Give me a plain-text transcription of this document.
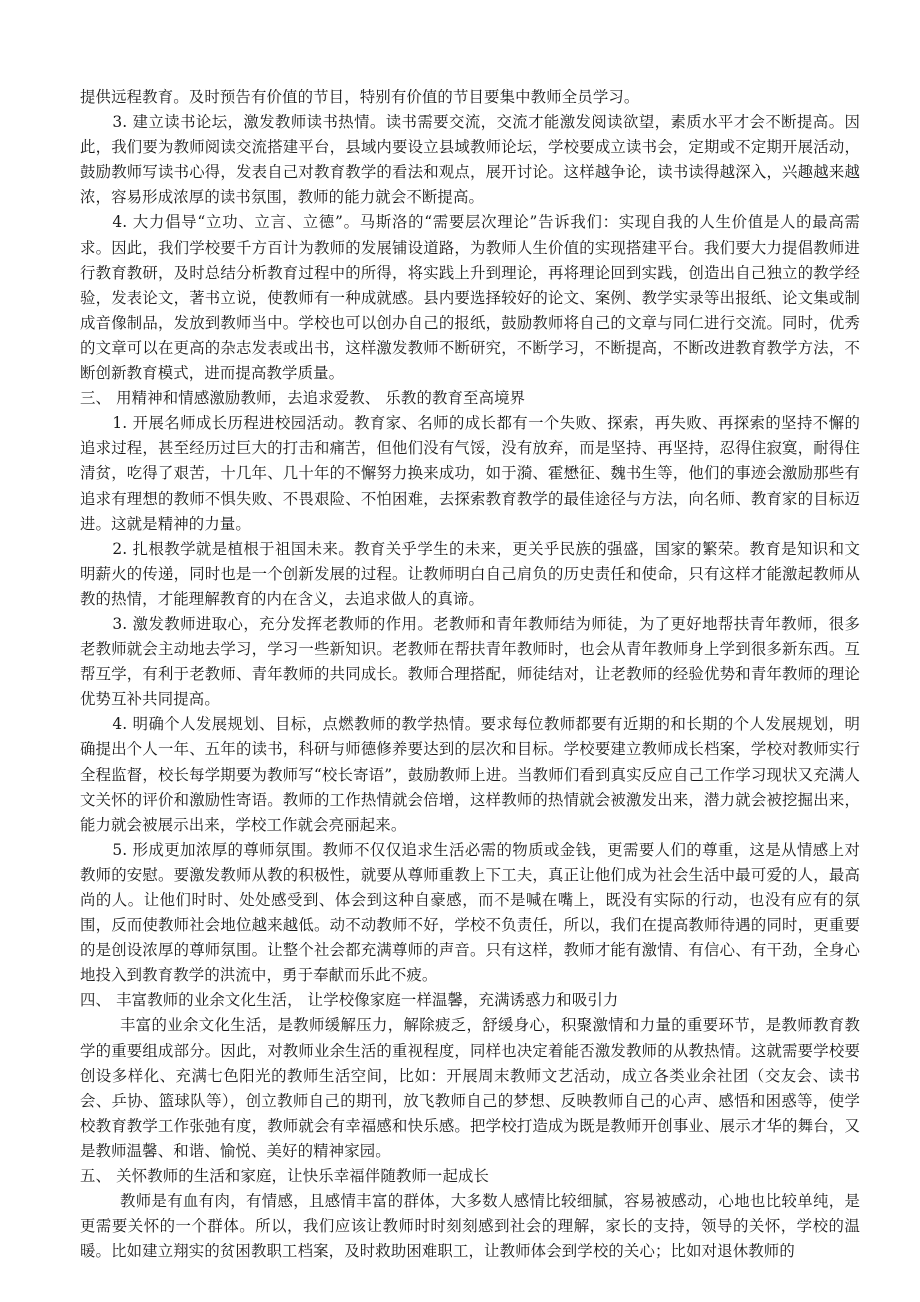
提供远程教育。及时预告有价值的节目，特别有价值的节目要集中教师全员学习。

3. 建立读书论坛，激发教师读书热情。读书需要交流，交流才能激发阅读欲望，素质水平才会不断提高。因此，我们要为教师阅读交流搭建平台，县域内要设立县域教师论坛，学校要成立读书会，定期或不定期开展活动，鼓励教师写读书心得，发表自己对教育教学的看法和观点，展开讨论。这样越争论，读书读得越深入，兴趣越来越浓，容易形成浓厚的读书氛围，教师的能力就会不断提高。

4. 大力倡导“立功、立言、立德”。马斯洛的“需要层次理论”告诉我们：实现自我的人生价值是人的最高需求。因此，我们学校要千方百计为教师的发展铺设道路，为教师人生价值的实现搭建平台。我们要大力提倡教师进行教育教研，及时总结分析教育过程中的所得，将实践上升到理论，再将理论回到实践，创造出自己独立的教学经验，发表论文，著书立说，使教师有一种成就感。县内要选择较好的论文、案例、教学实录等出报纸、论文集或制成音像制品，发放到教师当中。学校也可以创办自己的报纸，鼓励教师将自己的文章与同仁进行交流。同时，优秀的文章可以在更高的杂志发表或出书，这样激发教师不断研究，不断学习，不断提高，不断改进教育教学方法，不断创新教育模式，进而提高教学质量。

三、 用精神和情感激励教师，去追求爱教、 乐教的教育至高境界

1. 开展名师成长历程进校园活动。教育家、名师的成长都有一个失败、探索，再失败、再探索的坚持不懈的追求过程，甚至经历过巨大的打击和痛苦，但他们没有气馁，没有放弃，而是坚持、再坚持，忍得住寂寞，耐得住清贫，吃得了艰苦，十几年、几十年的不懈努力换来成功，如于漪、霍懋征、魏书生等，他们的事迹会激励那些有追求有理想的教师不惧失败、不畏艰险、不怕困难，去探索教育教学的最佳途径与方法，向名师、教育家的目标迈进。这就是精神的力量。

2. 扎根教学就是植根于祖国未来。教育关乎学生的未来，更关乎民族的强盛，国家的繁荣。教育是知识和文明薪火的传递，同时也是一个创新发展的过程。让教师明白自己肩负的历史责任和使命，只有这样才能激起教师从教的热情，才能理解教育的内在含义，去追求做人的真谛。

3. 激发教师进取心，充分发挥老教师的作用。老教师和青年教师结为师徒，为了更好地帮扶青年教师，很多老教师就会主动地去学习，学习一些新知识。老教师在帮扶青年教师时，也会从青年教师身上学到很多新东西。互帮互学，有利于老教师、青年教师的共同成长。教师合理搭配，师徒结对，让老教师的经验优势和青年教师的理论优势互补共同提高。

4. 明确个人发展规划、目标，点燃教师的教学热情。要求每位教师都要有近期的和长期的个人发展规划，明确提出个人一年、五年的读书，科研与师德修养要达到的层次和目标。学校要建立教师成长档案，学校对教师实行全程监督，校长每学期要为教师写“校长寄语”，鼓励教师上进。当教师们看到真实反应自己工作学习现状又充满人文关怀的评价和激励性寄语。教师的工作热情就会倍增，这样教师的热情就会被激发出来，潜力就会被挖掘出来，能力就会被展示出来，学校工作就会亮丽起来。

5. 形成更加浓厚的尊师氛围。教师不仅仅追求生活必需的物质或金钱，更需要人们的尊重，这是从情感上对教师的安慰。要激发教师从教的积极性，就要从尊师重教上下工夫，真正让他们成为社会生活中最可爱的人，最高尚的人。让他们时时、处处感受到、体会到这种自豪感，而不是喊在嘴上，既没有实际的行动，也没有应有的氛围，反而使教师社会地位越来越低。动不动教师不好，学校不负责任，所以，我们在提高教师待遇的同时，更重要的是创设浓厚的尊师氛围。让整个社会都充满尊师的声音。只有这样，教师才能有激情、有信心、有干劲，全身心地投入到教育教学的洪流中，勇于奉献而乐此不疲。

四、 丰富教师的业余文化生活， 让学校像家庭一样温馨，充满诱惑力和吸引力

丰富的业余文化生活，是教师缓解压力，解除疲乏，舒缓身心，积聚激情和力量的重要环节，是教师教育教学的重要组成部分。因此，对教师业余生活的重视程度，同样也决定着能否激发教师的从教热情。这就需要学校要创设多样化、充满七色阳光的教师生活空间，比如：开展周末教师文艺活动，成立各类业余社团（交友会、读书会、乒协、篮球队等），创立教师自己的期刊，放飞教师自己的梦想、反映教师自己的心声、感悟和困惑等，使学校教育教学工作张弛有度，教师就会有幸福感和快乐感。把学校打造成为既是教师开创事业、展示才华的舞台，又是教师温馨、和谐、愉悦、美好的精神家园。

五、 关怀教师的生活和家庭，让快乐幸福伴随教师一起成长

教师是有血有肉，有情感，且感情丰富的群体，大多数人感情比较细腻，容易被感动，心地也比较单纯，是更需要关怀的一个群体。所以，我们应该让教师时时刻刻感到社会的理解，家长的支持，领导的关怀，学校的温暖。比如建立翔实的贫困教职工档案，及时救助困难职工，让教师体会到学校的关心；比如对退休教师的
